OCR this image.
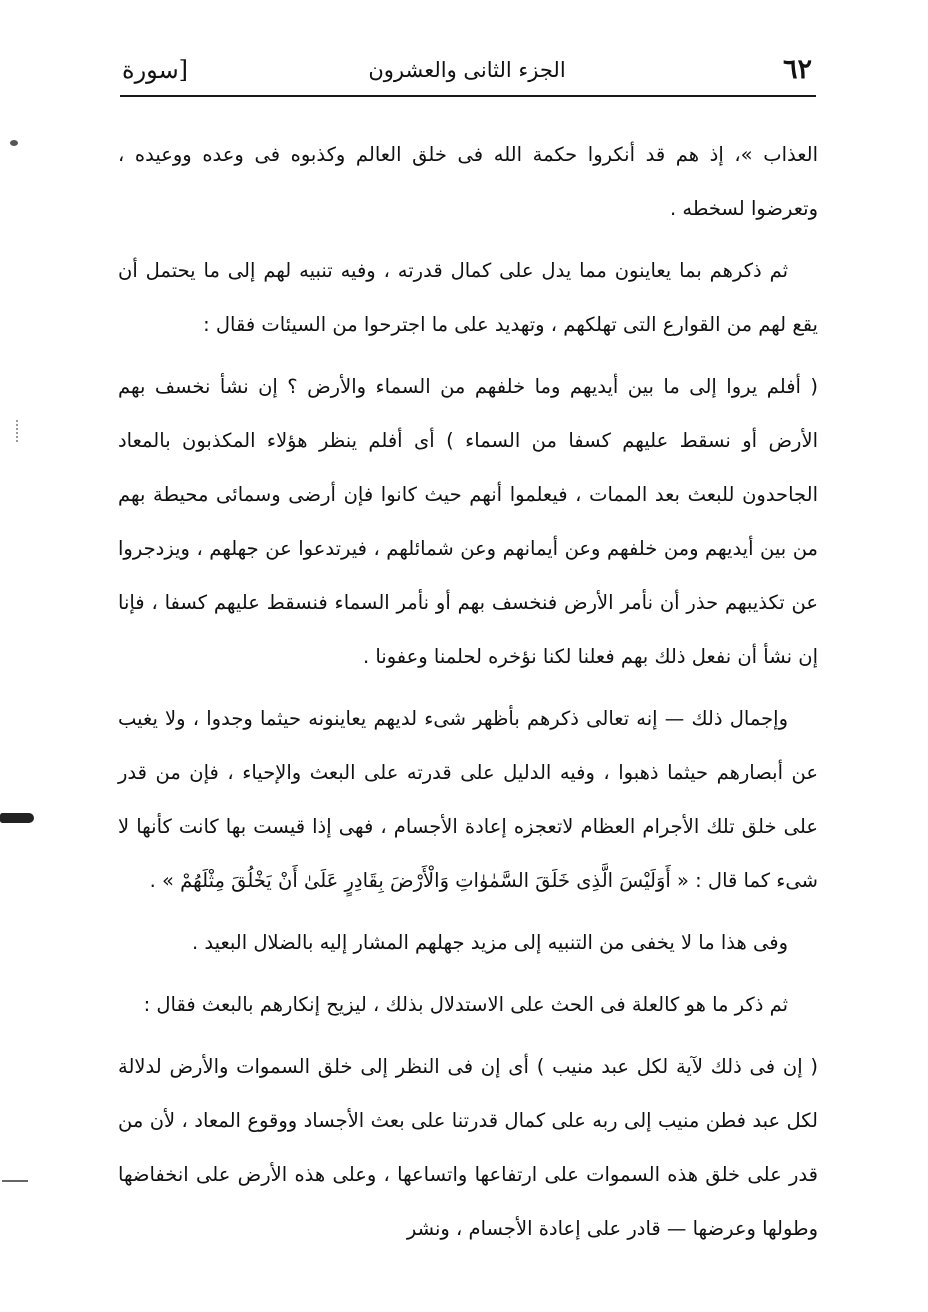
٦٢
الجزء الثانى والعشرون
[سورة

العذاب »، إذ هم قد أنكروا حكمة الله فى خلق العالم وكذبوه فى وعده ووعيده ، وتعرضوا لسخطه .

ثم ذكرهم بما يعاينون مما يدل على كمال قدرته ، وفيه تنبيه لهم إلى ما يحتمل أن يقع لهم من القوارع التى تهلكهم ، وتهديد على ما اجترحوا من السيئات فقال :

( أفلم يروا إلى ما بين أيديهم وما خلفهم من السماء والأرض ؟ إن نشأ نخسف بهم الأرض أو نسقط عليهم كسفا من السماء ) أى أفلم ينظر هؤلاء المكذبون بالمعاد الجاحدون للبعث بعد الممات ، فيعلموا أنهم حيث كانوا فإن أرضى وسمائى محيطة بهم من بين أيديهم ومن خلفهم وعن أيمانهم وعن شمائلهم ، فيرتدعوا عن جهلهم ، ويزدجروا عن تكذيبهم حذر أن نأمر الأرض فنخسف بهم أو نأمر السماء فنسقط عليهم كسفا ، فإنا إن نشأ أن نفعل ذلك بهم فعلنا لكنا نؤخره لحلمنا وعفونا .

وإجمال ذلك — إنه تعالى ذكرهم بأظهر شىء لديهم يعاينونه حيثما وجدوا ، ولا يغيب عن أبصارهم حيثما ذهبوا ، وفيه الدليل على قدرته على البعث والإحياء ، فإن من قدر على خلق تلك الأجرام العظام لاتعجزه إعادة الأجسام ، فهى إذا قيست بها كانت كأنها لا شىء كما قال : « أَوَلَيْسَ الَّذِى خَلَقَ السَّمٰوٰاتِ وَالْأَرْضَ بِقَادِرٍ عَلَىٰ أَنْ يَخْلُقَ مِثْلَهُمْ » .

وفى هذا ما لا يخفى من التنبيه إلى مزيد جهلهم المشار إليه بالضلال البعيد .

ثم ذكر ما هو كالعلة فى الحث على الاستدلال بذلك ، ليزيح إنكارهم بالبعث فقال :

( إن فى ذلك لآية لكل عبد منيب ) أى إن فى النظر إلى خلق السموات والأرض لدلالة لكل عبد فطن منيب إلى ربه على كمال قدرتنا على بعث الأجساد ووقوع المعاد ، لأن من قدر على خلق هذه السموات على ارتفاعها واتساعها ، وعلى هذه الأرض على انخفاضها وطولها وعرضها — قادر على إعادة الأجسام ، ونشر
